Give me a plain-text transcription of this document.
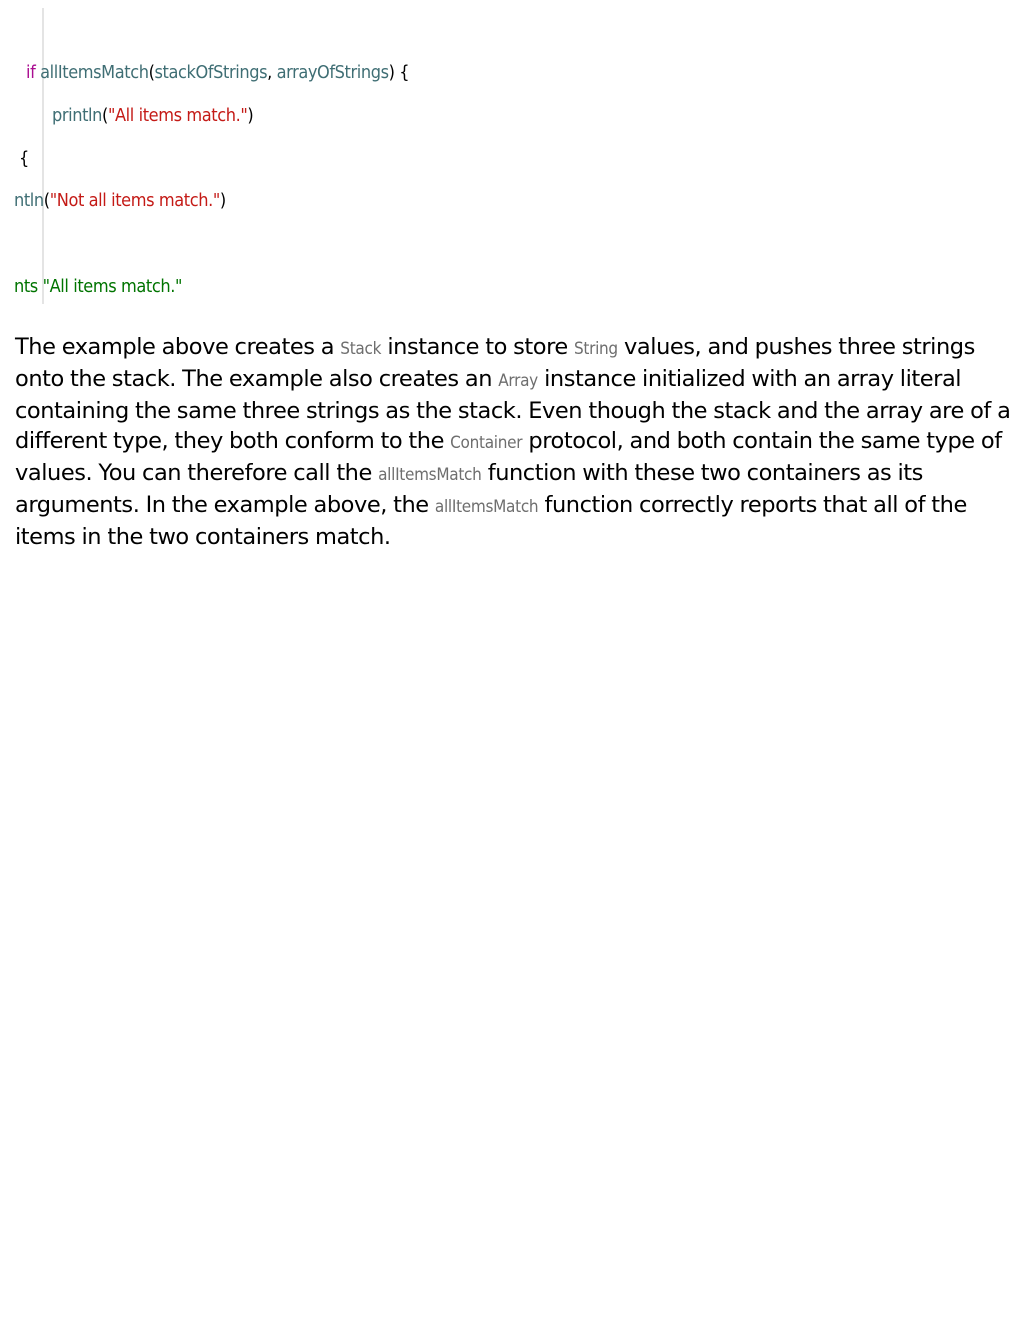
if allItemsMatch(stackOfStrings, arrayOfStrings) {
println("All items match.")
{
ntln("Not all items match.")
nts "All items match."

The example above creates a Stack instance to store String values, and pushes three strings onto the stack. The example also creates an Array instance initialized with an array literal containing the same three strings as the stack. Even though the stack and the array are of a different type, they both conform to the Container protocol, and both contain the same type of values. You can therefore call the allItemsMatch function with these two containers as its arguments. In the example above, the allItemsMatch function correctly reports that all of the items in the two containers match.
